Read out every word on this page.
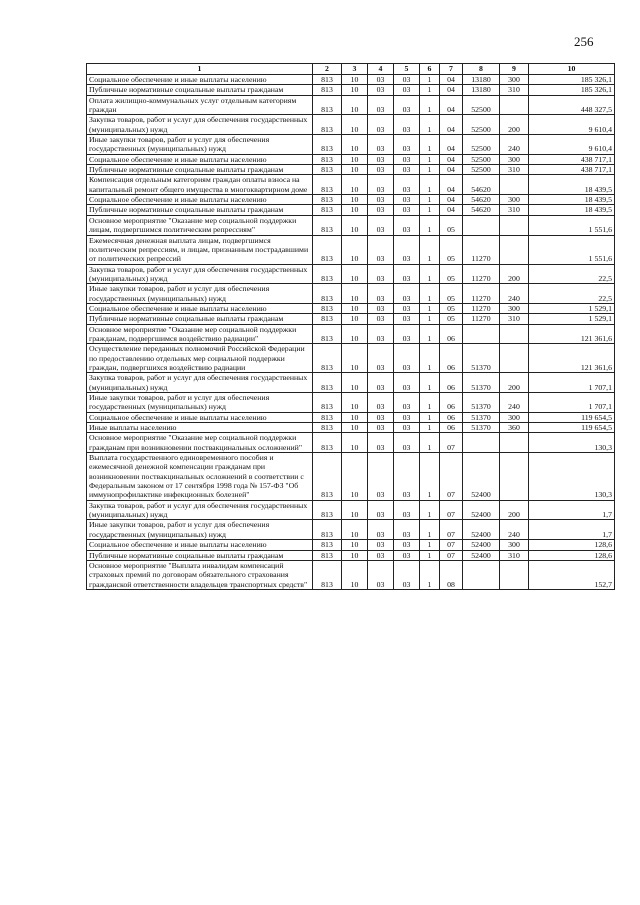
256
1	2	3	4	5	6	7	8	9	10
Социальное обеспечение и иные выплаты населению	813	10	03	03	1	04	13180	300	185 326,1
Публичные нормативные социальные выплаты гражданам	813	10	03	03	1	04	13180	310	185 326,1
Оплата жилищно-коммунальных услуг отдельным категориям граждан	813	10	03	03	1	04	52500		448 327,5
Закупка товаров, работ и услуг для обеспечения государственных (муниципальных) нужд	813	10	03	03	1	04	52500	200	9 610,4
Иные закупки товаров, работ и услуг для обеспечения государственных (муниципальных) нужд	813	10	03	03	1	04	52500	240	9 610,4
Социальное обеспечение и иные выплаты населению	813	10	03	03	1	04	52500	300	438 717,1
Публичные нормативные социальные выплаты гражданам	813	10	03	03	1	04	52500	310	438 717,1
Компенсация отдельным категориям граждан оплаты взноса на капитальный ремонт общего имущества в многоквартирном доме	813	10	03	03	1	04	54620		18 439,5
Социальное обеспечение и иные выплаты населению	813	10	03	03	1	04	54620	300	18 439,5
Публичные нормативные социальные выплаты гражданам	813	10	03	03	1	04	54620	310	18 439,5
Основное мероприятие "Оказание мер социальной поддержки лицам, подвергшимся политическим репрессиям"	813	10	03	03	1	05			1 551,6
Ежемесячная денежная выплата лицам, подвергшимся политическим репрессиям, и лицам, признанным пострадавшими от политических репрессий	813	10	03	03	1	05	11270		1 551,6
Закупка товаров, работ и услуг для обеспечения государственных (муниципальных) нужд	813	10	03	03	1	05	11270	200	22,5
Иные закупки товаров, работ и услуг для обеспечения государственных (муниципальных) нужд	813	10	03	03	1	05	11270	240	22,5
Социальное обеспечение и иные выплаты населению	813	10	03	03	1	05	11270	300	1 529,1
Публичные нормативные социальные выплаты гражданам	813	10	03	03	1	05	11270	310	1 529,1
Основное мероприятие "Оказание мер социальной поддержки гражданам, подвергшимся воздействию радиации"	813	10	03	03	1	06			121 361,6
Осуществление переданных полномочий Российской Федерации по предоставлению отдельных мер социальной поддержки граждан, подвергшихся воздействию радиации	813	10	03	03	1	06	51370		121 361,6
Закупка товаров, работ и услуг для обеспечения государственных (муниципальных) нужд	813	10	03	03	1	06	51370	200	1 707,1
Иные закупки товаров, работ и услуг для обеспечения государственных (муниципальных) нужд	813	10	03	03	1	06	51370	240	1 707,1
Социальное обеспечение и иные выплаты населению	813	10	03	03	1	06	51370	300	119 654,5
Иные выплаты населению	813	10	03	03	1	06	51370	360	119 654,5
Основное мероприятие "Оказание мер социальной поддержки гражданам при возникновении поствакцинальных осложнений"	813	10	03	03	1	07			130,3
Выплата государственного единовременного пособия и ежемесячной денежной компенсации гражданам при возникновении поствакцинальных осложнений в соответствии с Федеральным законом от 17 сентября 1998 года № 157-ФЗ "Об иммунопрофилактике инфекционных болезней"	813	10	03	03	1	07	52400		130,3
Закупка товаров, работ и услуг для обеспечения государственных (муниципальных) нужд	813	10	03	03	1	07	52400	200	1,7
Иные закупки товаров, работ и услуг для обеспечения государственных (муниципальных) нужд	813	10	03	03	1	07	52400	240	1,7
Социальное обеспечение и иные выплаты населению	813	10	03	03	1	07	52400	300	128,6
Публичные нормативные социальные выплаты гражданам	813	10	03	03	1	07	52400	310	128,6
Основное мероприятие "Выплата инвалидам компенсаций страховых премий по договорам обязательного страхования гражданской ответственности владельцев транспортных средств"	813	10	03	03	1	08			152,7
